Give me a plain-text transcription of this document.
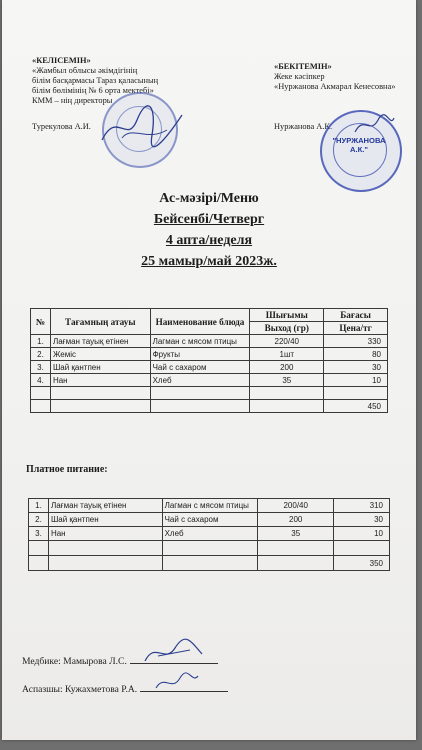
«КЕЛІСЕМІН»
«Жамбыл облысы әкімдігінің
білім басқармасы Тараз қаласының
білім бөлімінің № 6 орта мектебі»
КММ – нің директоры
Турекулова А.И.
«БЕКІТЕМІН»
Жеке кәсіпкер
«Нуржанова Акмарал Кенесовна»
Нуржанова А.К.
"НУРЖАНОВА А.К."
Ас-мәзірі/Меню
Бейсенбі/Четверг
4 апта/неделя
25 мамыр/май 2023ж.
№	Тағамның атауы	Наименование блюда	Шығымы	Бағасы
			Выход (гр)	Цена/тг
1.	Лағман тауық етінен	Лагман с мясом птицы	220/40	330
2.	Жеміс	Фрукты	1шт	80
3.	Шай қантпен	Чай с сахаром	200	30
4.	Нан	Хлеб	35	10

				450
Платное питание:
1.	Лағман тауық етінен	Лагман с мясом птицы	200/40	310
2.	Шай қантпен	Чай с сахаром	200	30
3.	Нан	Хлеб	35	10

				350
Медбике: Мамырова Л.С.
Аспазшы: Кужахметова Р.А.
